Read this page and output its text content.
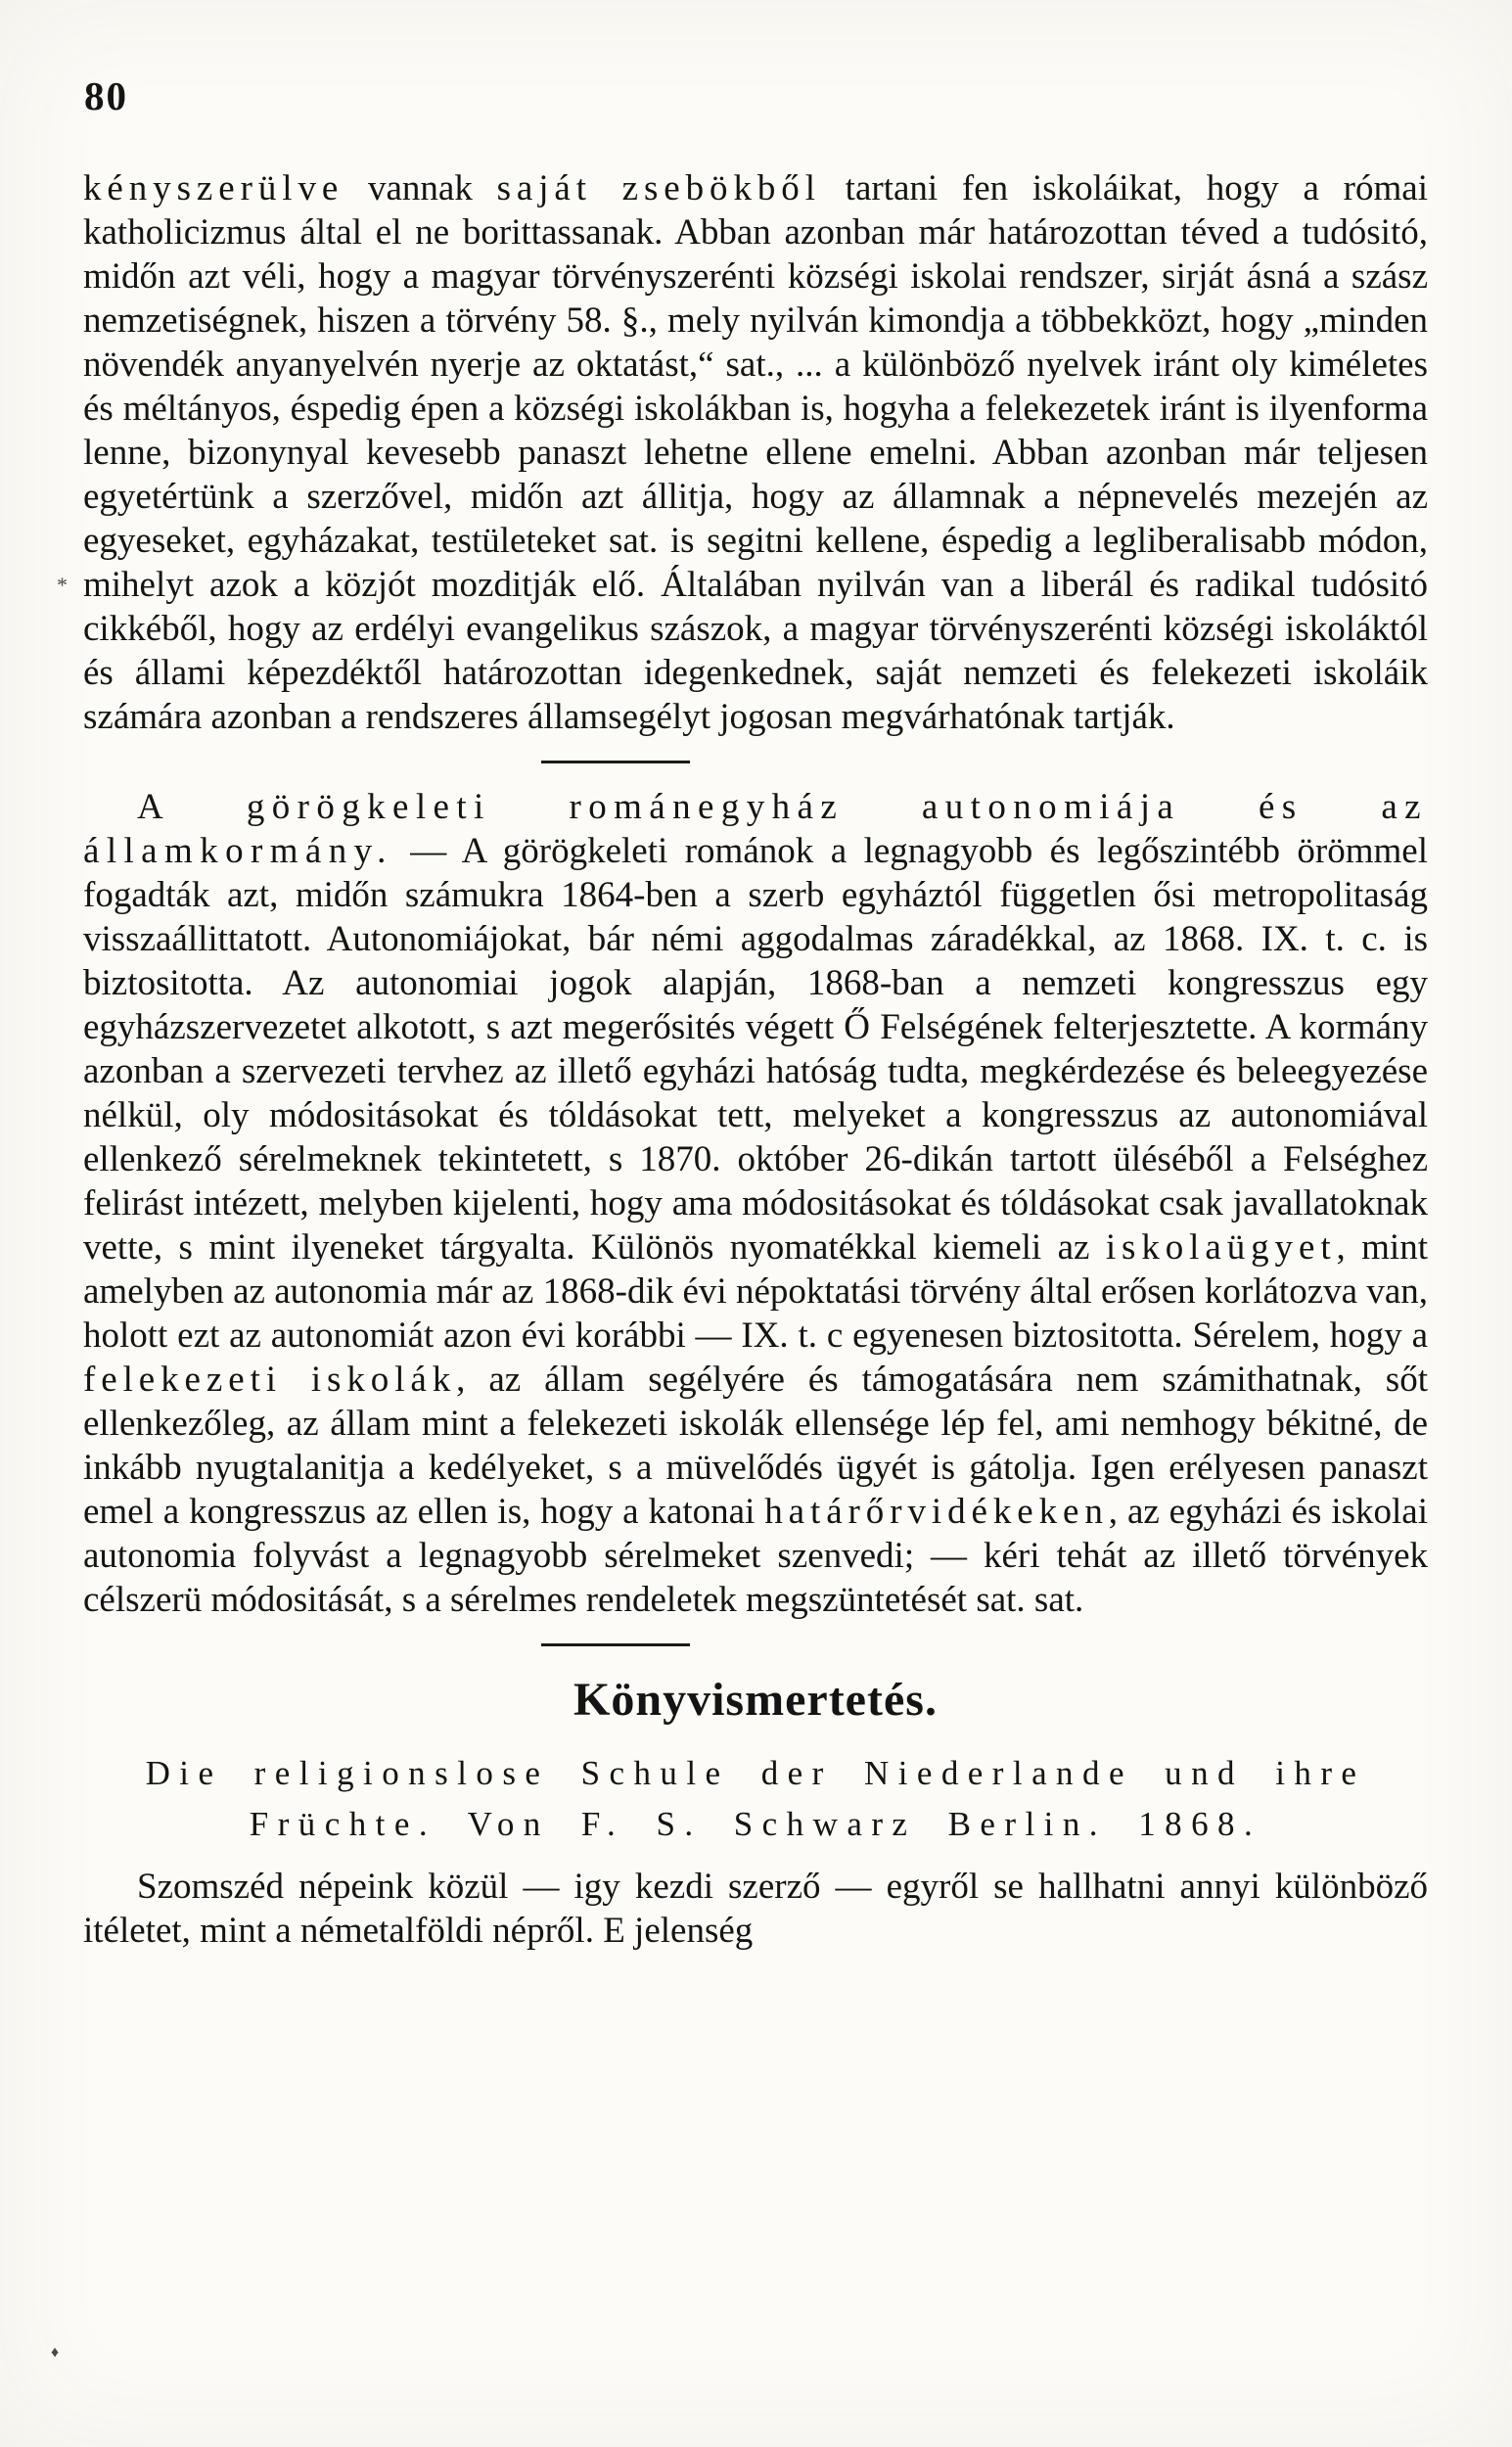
80
*
♦

kényszerülve vannak saját zsebökből tartani fen iskoláikat, hogy a római katholicizmus által el ne borittassanak. Abban azonban már határozottan téved a tudósitó, midőn azt véli, hogy a magyar törvényszerénti községi iskolai rendszer, sirját ásná a szász nemzetiségnek, hiszen a törvény 58. §., mely nyilván kimondja a többekközt, hogy „minden növendék anyanyelvén nyerje az oktatást,“ sat., ... a különböző nyelvek iránt oly kiméletes és méltányos, éspedig épen a községi iskolákban is, hogyha a felekezetek iránt is ilyenforma lenne, bizonynyal kevesebb panaszt lehetne ellene emelni. Abban azonban már teljesen egyetértünk a szerzővel, midőn azt állitja, hogy az államnak a népnevelés mezején az egyeseket, egyházakat, testületeket sat. is segitni kellene, éspedig a legliberalisabb módon, mihelyt azok a közjót mozditják elő. Általában nyilván van a liberál és radikal tudósitó cikkéből, hogy az erdélyi evangelikus szászok, a magyar törvényszerénti községi iskoláktól és állami képezdéktől határozottan idegenkednek, saját nemzeti és felekezeti iskoláik számára azonban a rendszeres államsegélyt jogosan megvárhatónak tartják.

A görögkeleti románegyház autonomiája és az államkormány. — A görögkeleti románok a legnagyobb és legőszintébb örömmel fogadták azt, midőn számukra 1864-ben a szerb egyháztól független ősi metropolitaság visszaállittatott. Autonomiájokat, bár némi aggodalmas záradékkal, az 1868. IX. t. c. is biztositotta. Az autonomiai jogok alapján, 1868-ban a nemzeti kongresszus egy egyházszervezetet alkotott, s azt megerősités végett Ő Felségének felterjesztette. A kormány azonban a szervezeti tervhez az illető egyházi hatóság tudta, megkérdezése és beleegyezése nélkül, oly módositásokat és tóldásokat tett, melyeket a kongresszus az autonomiával ellenkező sérelmeknek tekintetett, s 1870. október 26-dikán tartott üléséből a Felséghez felirást intézett, melyben kijelenti, hogy ama módositásokat és tóldásokat csak javallatoknak vette, s mint ilyeneket tárgyalta. Különös nyomatékkal kiemeli az iskolaügyet, mint amelyben az autonomia már az 1868-dik évi népoktatási törvény által erősen korlátozva van, holott ezt az autonomiát azon évi korábbi — IX. t. c egyenesen biztositotta. Sérelem, hogy a felekezeti iskolák, az állam segélyére és támogatására nem számithatnak, sőt ellenkezőleg, az állam mint a felekezeti iskolák ellensége lép fel, ami nemhogy békitné, de inkább nyugtalanitja a kedélyeket, s a müvelődés ügyét is gátolja. Igen erélyesen panaszt emel a kongresszus az ellen is, hogy a katonai határőrvidékeken, az egyházi és iskolai autonomia folyvást a legnagyobb sérelmeket szenvedi; — kéri tehát az illető törvények célszerü módositását, s a sérelmes rendeletek megszüntetését sat. sat.

Könyvismertetés.

Die religionslose Schule der Niederlande und ihre Früchte. Von F. S. Schwarz Berlin. 1868.

Szomszéd népeink közül — igy kezdi szerző — egyről se hallhatni annyi különböző itéletet, mint a németalföldi népről. E jelenség
